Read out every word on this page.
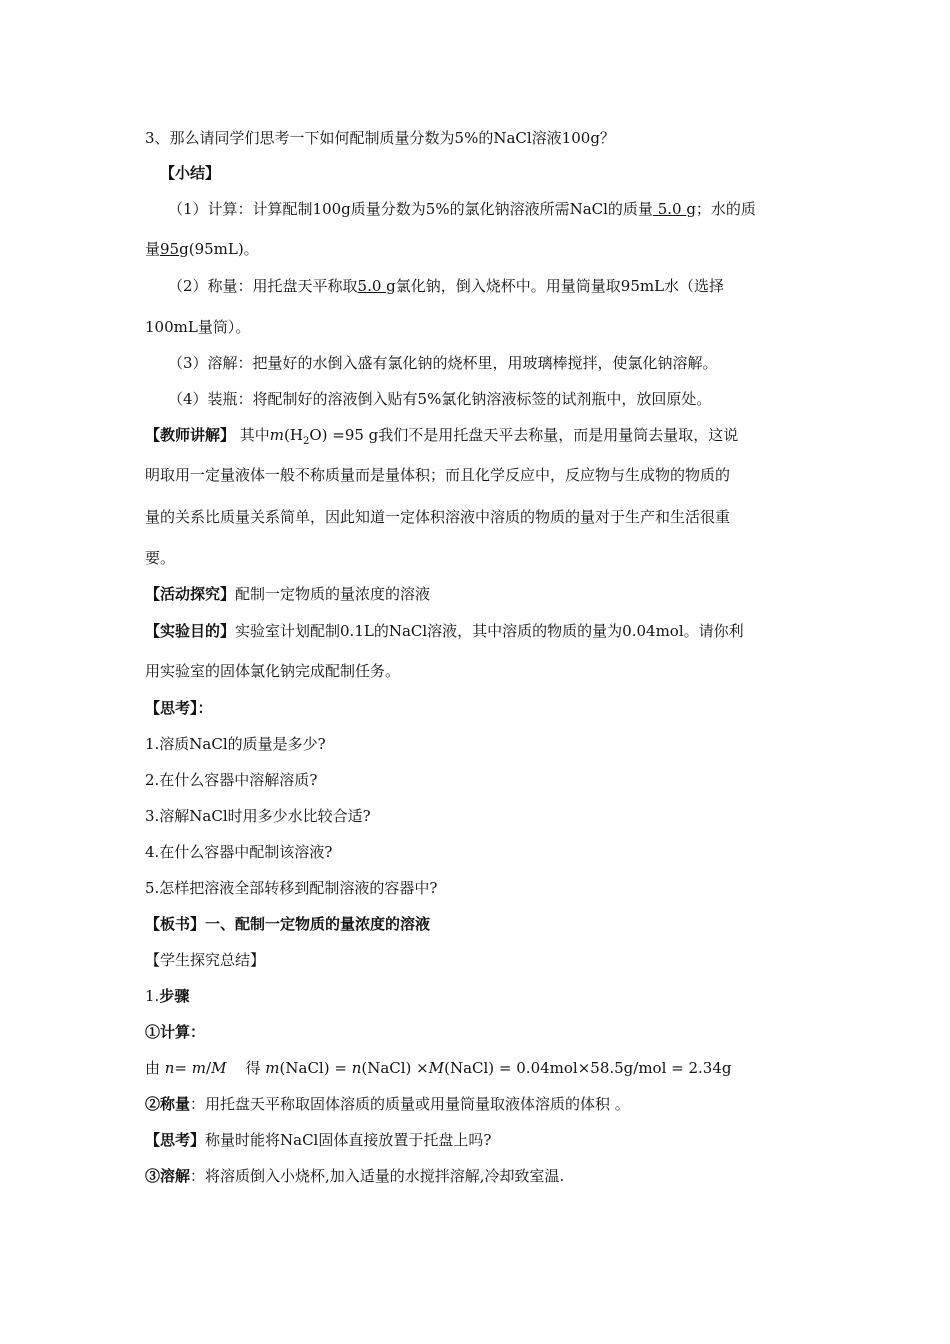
3、那么请同学们思考一下如何配制质量分数为5%的NaCl溶液100g？
【小结】
（1）计算：计算配制100g质量分数为5%的氯化钠溶液所需NaCl的质量 5.0 g；水的质
量95g(95mL)。
（2）称量：用托盘天平称取5.0 g氯化钠，倒入烧杯中。用量筒量取95mL水（选择
100mL量筒）。
（3）溶解：把量好的水倒入盛有氯化钠的烧杯里，用玻璃棒搅拌，使氯化钠溶解。
（4）装瓶：将配制好的溶液倒入贴有5%氯化钠溶液标签的试剂瓶中，放回原处。
【教师讲解】 其中$m(H_2O) =95$ g我们不是用托盘天平去称量，而是用量筒去量取，这说
明取用一定量液体一般不称质量而是量体积；而且化学反应中，反应物与生成物的物质的
量的关系比质量关系简单，因此知道一定体积溶液中溶质的物质的量对于生产和生活很重
要。
【活动探究】配制一定物质的量浓度的溶液
【实验目的】实验室计划配制0.1L的NaCl溶液，其中溶质的物质的量为0.04mol。请你利
用实验室的固体氯化钠完成配制任务。
【思考】：
1.溶质NaCl的质量是多少?
2.在什么容器中溶解溶质?
3.溶解NaCl时用多少水比较合适?
4.在什么容器中配制该溶液?
5.怎样把溶液全部转移到配制溶液的容器中?
【板书】一、配制一定物质的量浓度的溶液
【学生探究总结】
1.步骤
①计算：
由 n= m/M    得 m(NaCl) = n(NaCl) ×M(NaCl) = 0.04mol×58.5g/mol = 2.34g
②称量：用托盘天平称取固体溶质的质量或用量筒量取液体溶质的体积 。
【思考】称量时能将NaCl固体直接放置于托盘上吗?
③溶解：将溶质倒入小烧杯,加入适量的水搅拌溶解,冷却致室温.
